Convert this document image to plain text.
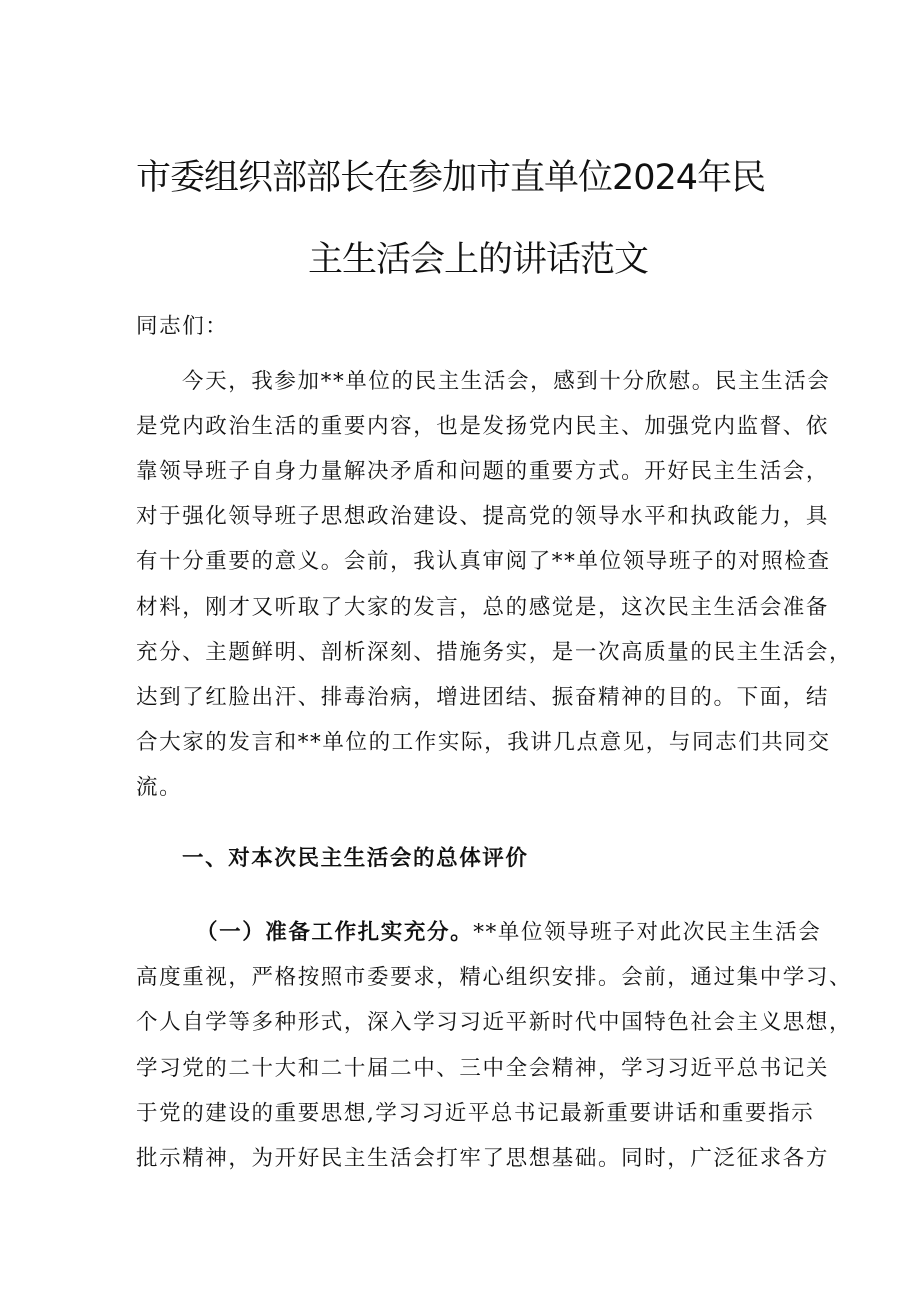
市委组织部部长在参加市直单位2024年民
主生活会上的讲话范文

同志们：

今天，我参加**单位的民主生活会，感到十分欣慰。民主生活会

是党内政治生活的重要内容，也是发扬党内民主、加强党内监督、依

靠领导班子自身力量解决矛盾和问题的重要方式。开好民主生活会，

对于强化领导班子思想政治建设、提高党的领导水平和执政能力，具

有十分重要的意义。会前，我认真审阅了**单位领导班子的对照检查

材料，刚才又听取了大家的发言，总的感觉是，这次民主生活会准备

充分、主题鲜明、剖析深刻、措施务实，是一次高质量的民主生活会，

达到了红脸出汗、排毒治病，增进团结、振奋精神的目的。下面，结

合大家的发言和**单位的工作实际，我讲几点意见，与同志们共同交

流。

一、对本次民主生活会的总体评价

（一）准备工作扎实充分。**单位领导班子对此次民主生活会

高度重视，严格按照市委要求，精心组织安排。会前，通过集中学习、

个人自学等多种形式，深入学习习近平新时代中国特色社会主义思想，

学习党的二十大和二十届二中、三中全会精神，学习习近平总书记关

于党的建设的重要思想,学习习近平总书记最新重要讲话和重要指示

批示精神，为开好民主生活会打牢了思想基础。同时，广泛征求各方
